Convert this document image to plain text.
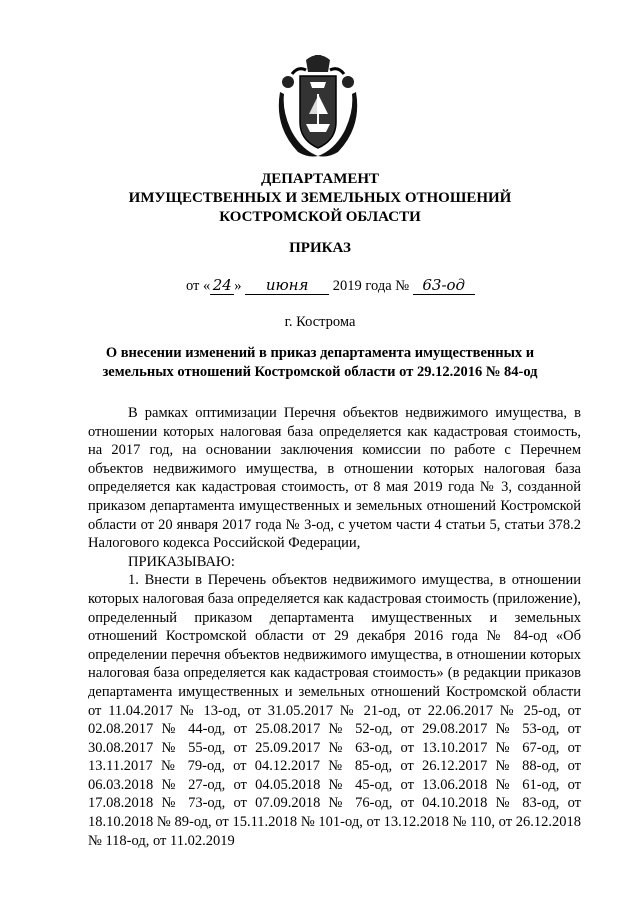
ДЕПАРТАМЕНТ
ИМУЩЕСТВЕННЫХ И ЗЕМЕЛЬНЫХ ОТНОШЕНИЙ
КОСТРОМСКОЙ ОБЛАСТИ
ПРИКАЗ
от « 24 » июня 2019 года № 63-од
г. Кострома
О внесении изменений в приказ департамента имущественных и
земельных отношений Костромской области от 29.12.2016 № 84-од

В рамках оптимизации Перечня объектов недвижимого имущества, в отношении которых налоговая база определяется как кадастровая стоимость, на 2017 год, на основании заключения комиссии по работе с Перечнем объектов недвижимого имущества, в отношении которых налоговая база определяется как кадастровая стоимость, от 8 мая 2019 года № 3, созданной приказом департамента имущественных и земельных отношений Костромской области от 20 января 2017 года № 3-од, с учетом части 4 статьи 5, статьи 378.2 Налогового кодекса Российской Федерации,

ПРИКАЗЫВАЮ:

1. Внести в Перечень объектов недвижимого имущества, в отношении которых налоговая база определяется как кадастровая стоимость (приложение), определенный приказом департамента имущественных и земельных отношений Костромской области от 29 декабря 2016 года № 84-од «Об определении перечня объектов недвижимого имущества, в отношении которых налоговая база определяется как кадастровая стоимость» (в редакции приказов департамента имущественных и земельных отношений Костромской области от 11.04.2017 № 13-од, от 31.05.2017 № 21-од, от 22.06.2017 № 25-од, от 02.08.2017 № 44-од, от 25.08.2017 № 52-од, от 29.08.2017 № 53-од, от 30.08.2017 № 55-од, от 25.09.2017 № 63-од, от 13.10.2017 № 67-од, от 13.11.2017 № 79-од, от 04.12.2017 № 85-од, от 26.12.2017 № 88-од, от 06.03.2018 № 27-од, от 04.05.2018 № 45-од, от 13.06.2018 № 61-од, от 17.08.2018 № 73-од, от 07.09.2018 № 76-од, от 04.10.2018 № 83-од, от 18.10.2018 № 89-од, от 15.11.2018 № 101-од, от 13.12.2018 № 110, от 26.12.2018 № 118-од, от 11.02.2019
